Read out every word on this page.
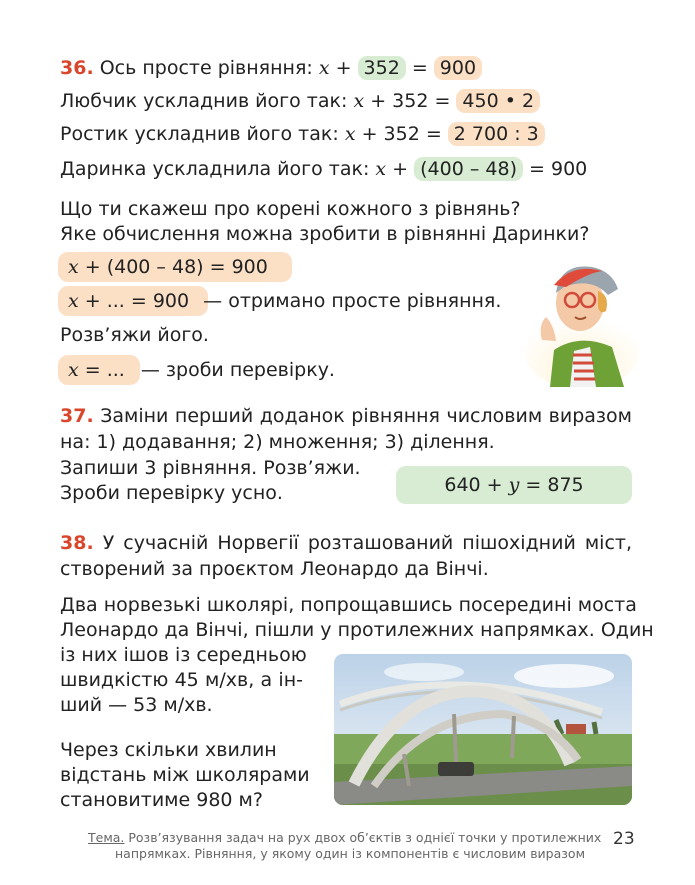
36. Ось просте рівняння: x + 352 = 900
Любчик ускладнив його так: x + 352 = 450 • 2
Ростик ускладнив його так: x + 352 = 2 700 : 3
Даринка ускладнила його так: x + (400 – 48) = 900
Що ти скажеш про корені кожного з рівнянь?
Яке обчислення можна зробити в рівнянні Даринки?
x + (400 – 48) = 900
x + ... = 900 — отримано просте рівняння.
Розв’яжи його.
x = ... — зроби перевірку.
37. Заміни перший доданок рівняння числовим виразом
на: 1) додавання; 2) множення; 3) ділення.
Запиши 3 рівняння. Розв’яжи.
Зроби перевірку усно.	640 + y = 875
38. У сучасній Норвегії розташований пішохідний міст,
створений за проєктом Леонардо да Вінчі.
Два норвезькі школярі, попрощавшись посередині моста
Леонардо да Вінчі, пішли у протилежних напрямках. Один
із них ішов із середньою
швидкістю 45 м/хв, а ін-
ший — 53 м/хв.
Через скільки хвилин
відстань між школярами
становитиме 980 м?
Тема. Розв’язування задач на рух двох об’єктів з однієї точки у протилежних
напрямках. Рівняння, у якому один із компонентів є числовим виразом
23
